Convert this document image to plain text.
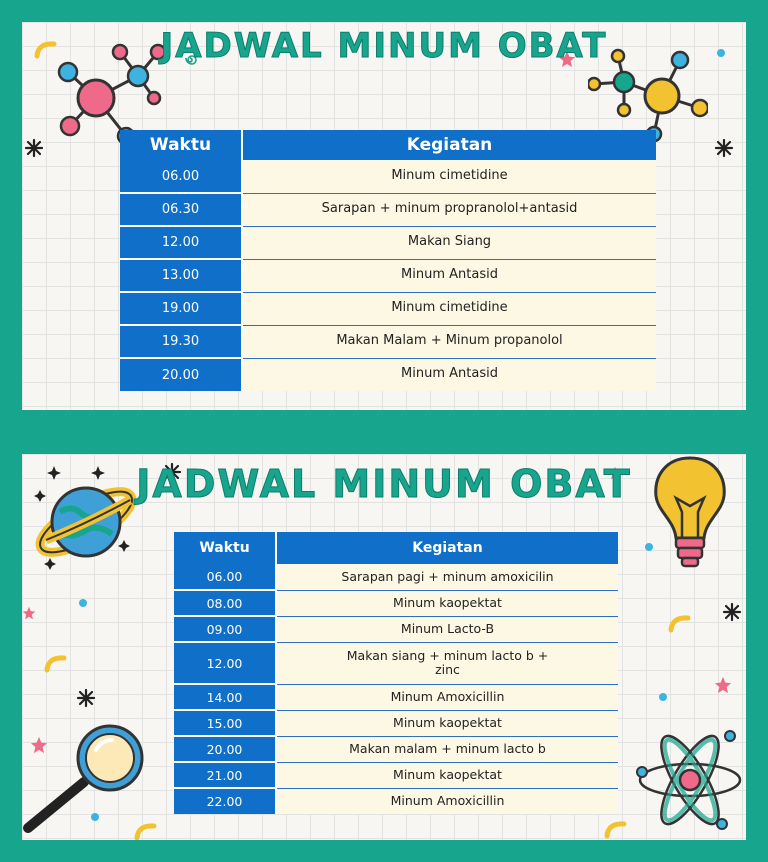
JADWAL MINUM OBAT
Waktu	Kegiatan
06.00	Minum cimetidine
06.30	Sarapan + minum propranolol+antasid
12.00	Makan Siang
13.00	Minum Antasid
19.00	Minum cimetidine
19.30	Makan Malam + Minum propanolol
20.00	Minum Antasid
JADWAL MINUM OBAT
Waktu	Kegiatan
06.00	Sarapan pagi + minum amoxicilin
08.00	Minum kaopektat
09.00	Minum Lacto-B
12.00	Makan siang + minum lacto b + zinc
14.00	Minum Amoxicillin
15.00	Minum kaopektat
20.00	Makan malam + minum lacto b
21.00	Minum kaopektat
22.00	Minum Amoxicillin
